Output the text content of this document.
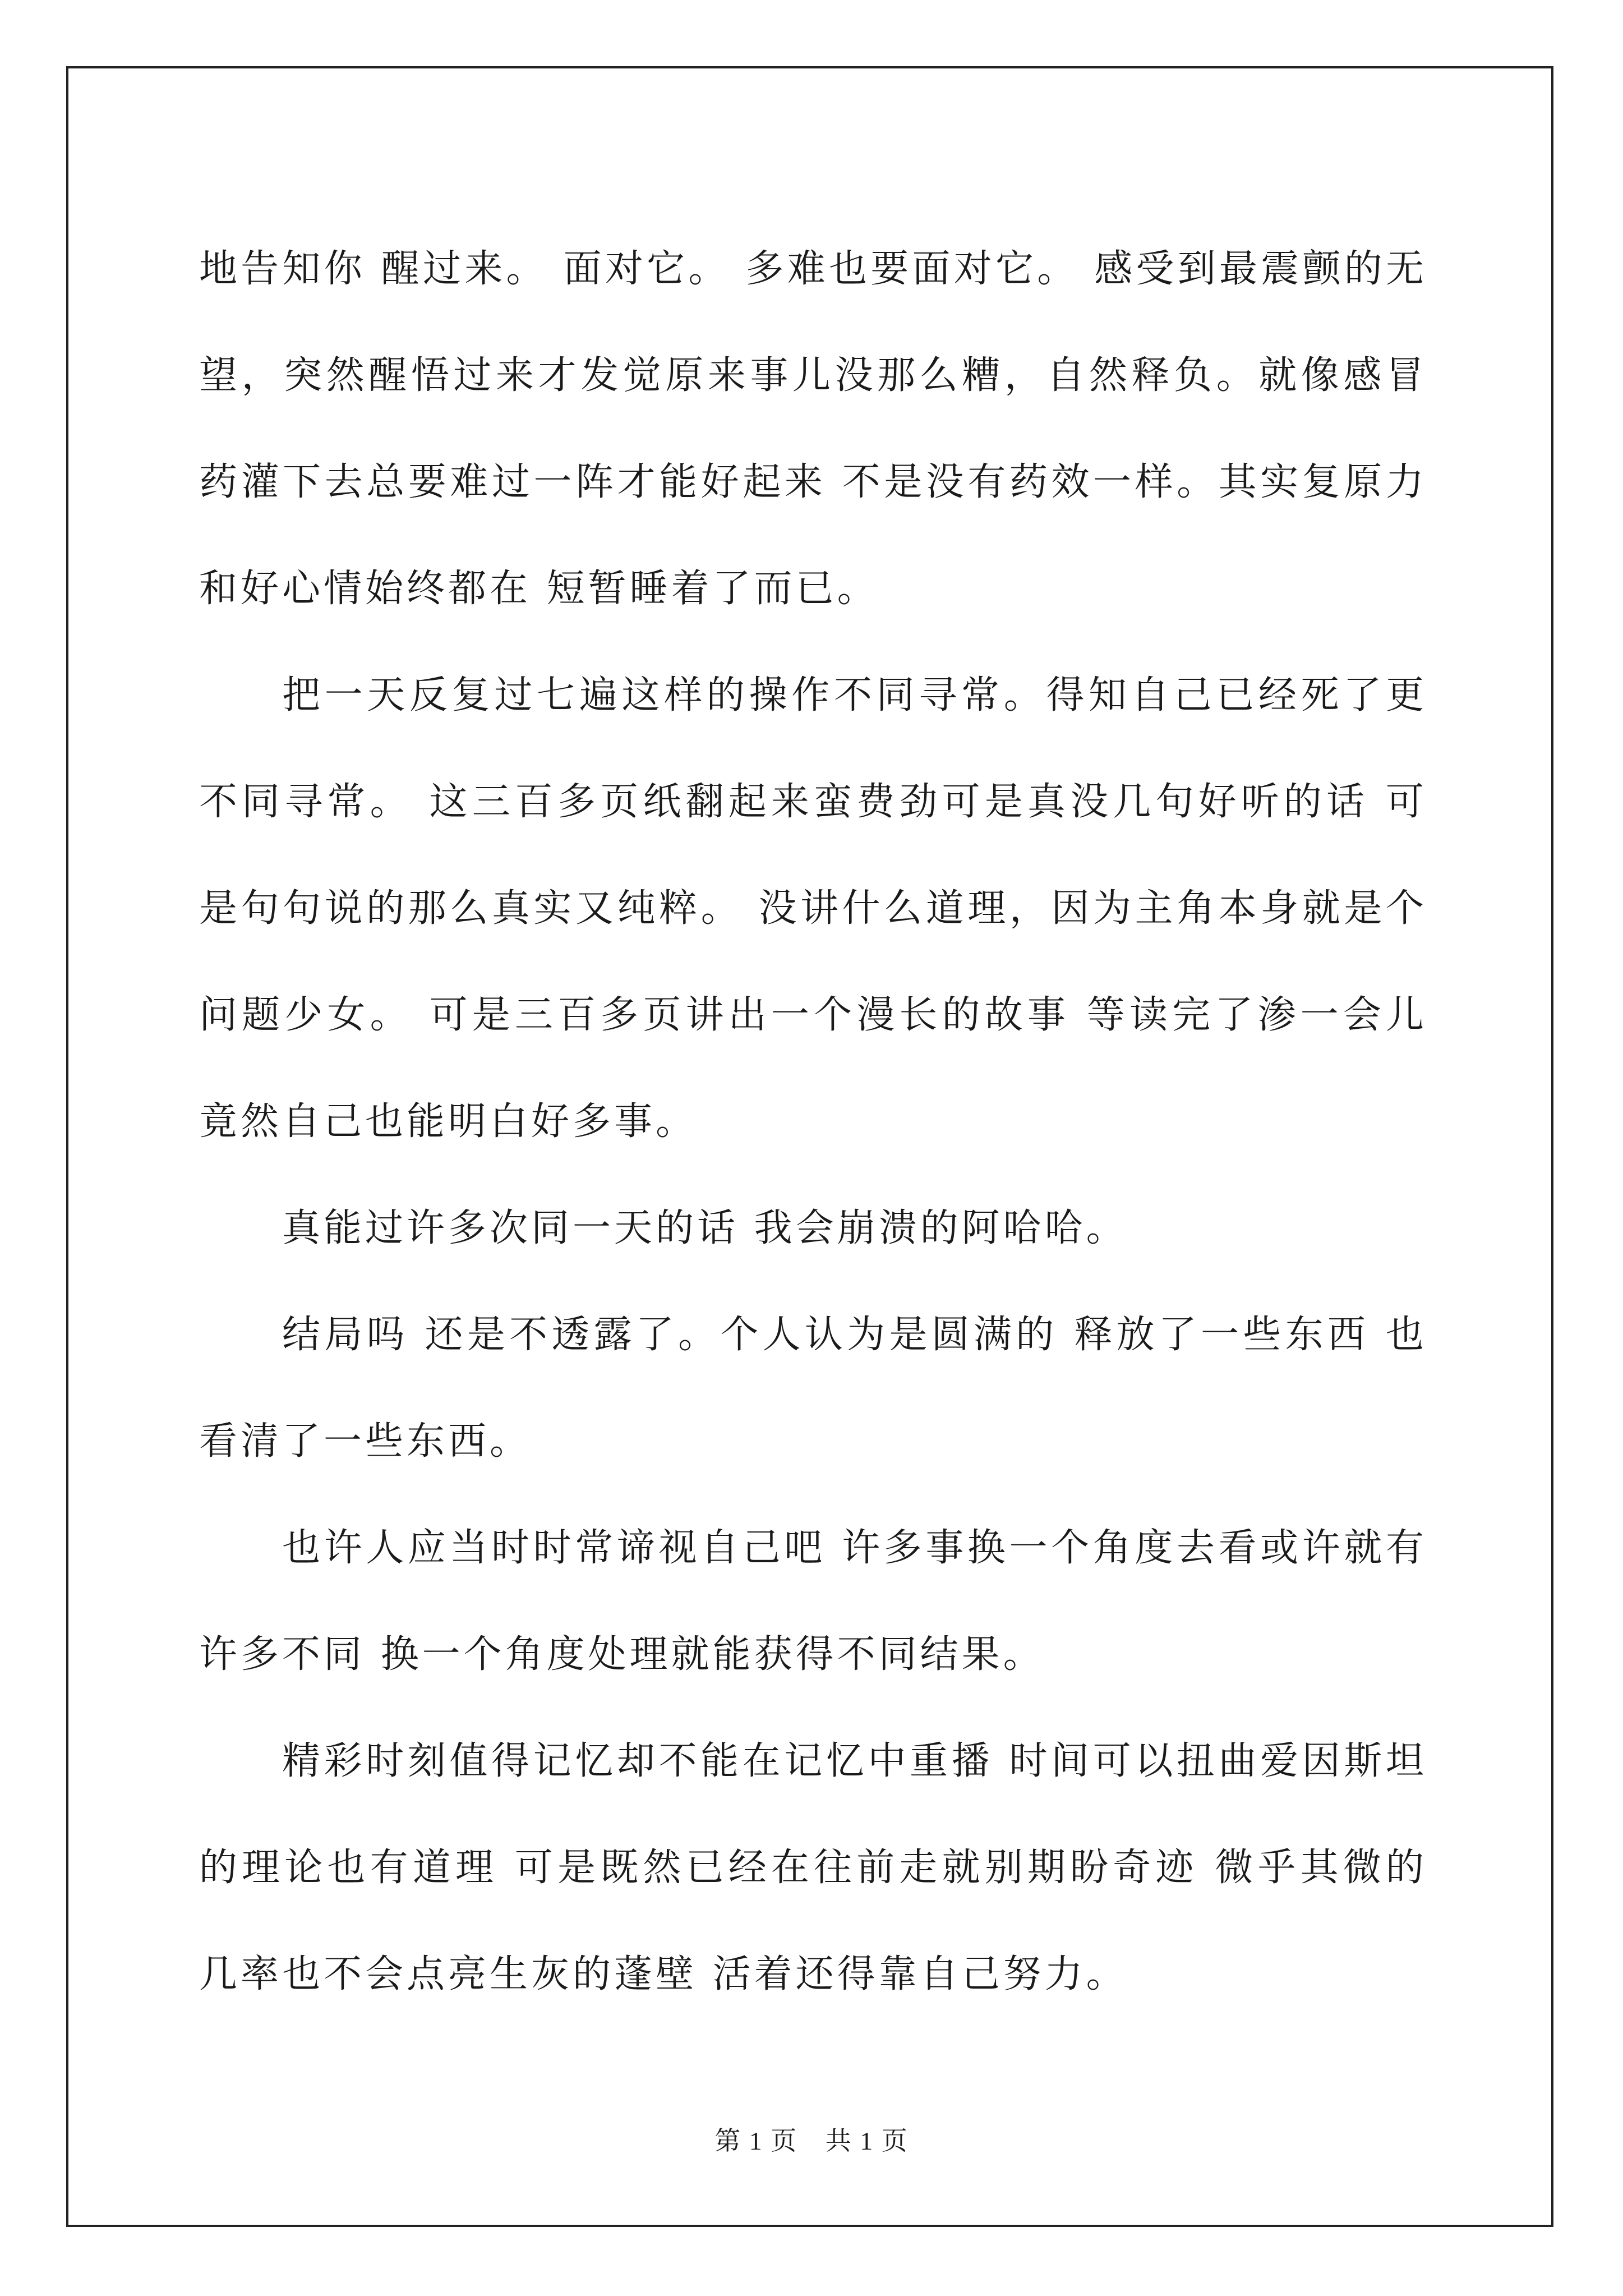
地告知你 醒过来。 面对它。 多难也要面对它。 感受到最震颤的无望，突然醒悟过来才发觉原来事儿没那么糟，自然释负。就像感冒药灌下去总要难过一阵才能好起来 不是没有药效一样。其实复原力和好心情始终都在 短暂睡着了而已。

把一天反复过七遍这样的操作不同寻常。得知自己已经死了更不同寻常。 这三百多页纸翻起来蛮费劲可是真没几句好听的话 可是句句说的那么真实又纯粹。 没讲什么道理，因为主角本身就是个问题少女。 可是三百多页讲出一个漫长的故事 等读完了渗一会儿竟然自己也能明白好多事。

真能过许多次同一天的话 我会崩溃的阿哈哈。

结局吗 还是不透露了。个人认为是圆满的 释放了一些东西 也看清了一些东西。

也许人应当时时常谛视自己吧 许多事换一个角度去看或许就有许多不同 换一个角度处理就能获得不同结果。

精彩时刻值得记忆却不能在记忆中重播 时间可以扭曲爱因斯坦的理论也有道理 可是既然已经在往前走就别期盼奇迹 微乎其微的几率也不会点亮生灰的蓬壁 活着还得靠自己努力。

第 1 页 共 1 页
